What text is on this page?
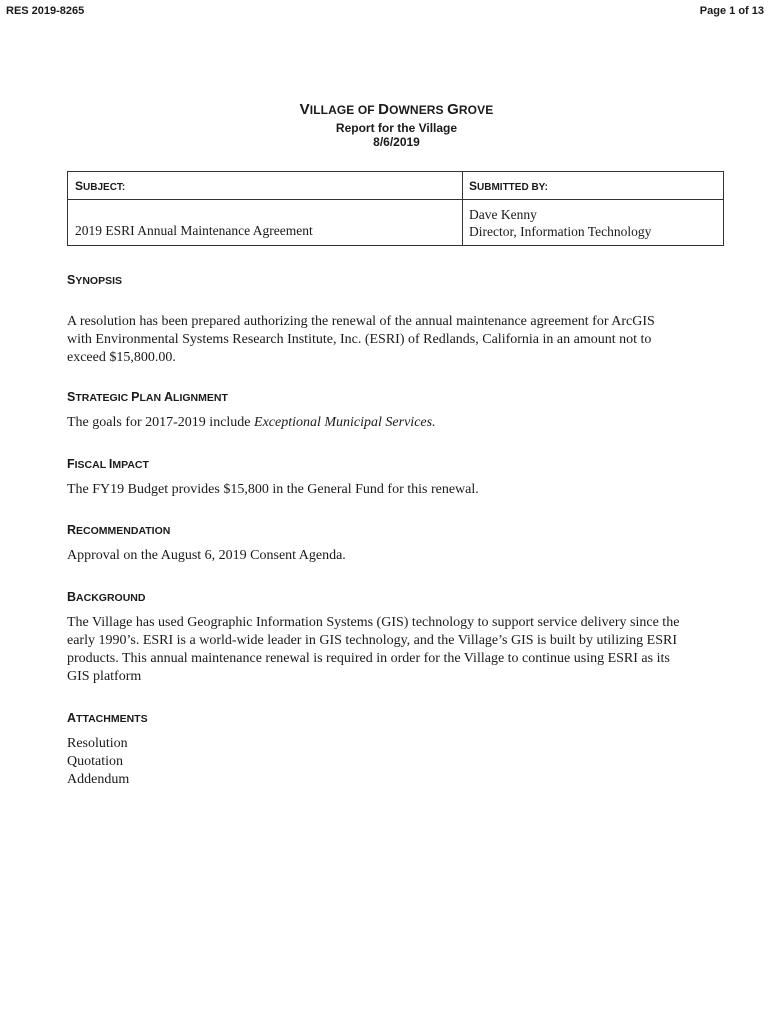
RES 2019-8265	Page 1 of 13
VILLAGE OF DOWNERS GROVE
Report for the Village
8/6/2019
SUBJECT:	SUBMITTED BY:
2019 ESRI Annual Maintenance Agreement
Dave Kenny
Director, Information Technology
SYNOPSIS
A resolution has been prepared authorizing the renewal of the annual maintenance agreement for ArcGIS
with Environmental Systems Research Institute, Inc. (ESRI) of Redlands, California in an amount not to
exceed $15,800.00.
STRATEGIC PLAN ALIGNMENT
The goals for 2017-2019 include Exceptional Municipal Services.
FISCAL IMPACT
The FY19 Budget provides $15,800 in the General Fund for this renewal.
RECOMMENDATION
Approval on the August 6, 2019 Consent Agenda.
BACKGROUND
The Village has used Geographic Information Systems (GIS) technology to support service delivery since the
early 1990’s. ESRI is a world-wide leader in GIS technology, and the Village’s GIS is built by utilizing ESRI
products. This annual maintenance renewal is required in order for the Village to continue using ESRI as its
GIS platform
ATTACHMENTS
Resolution
Quotation
Addendum
